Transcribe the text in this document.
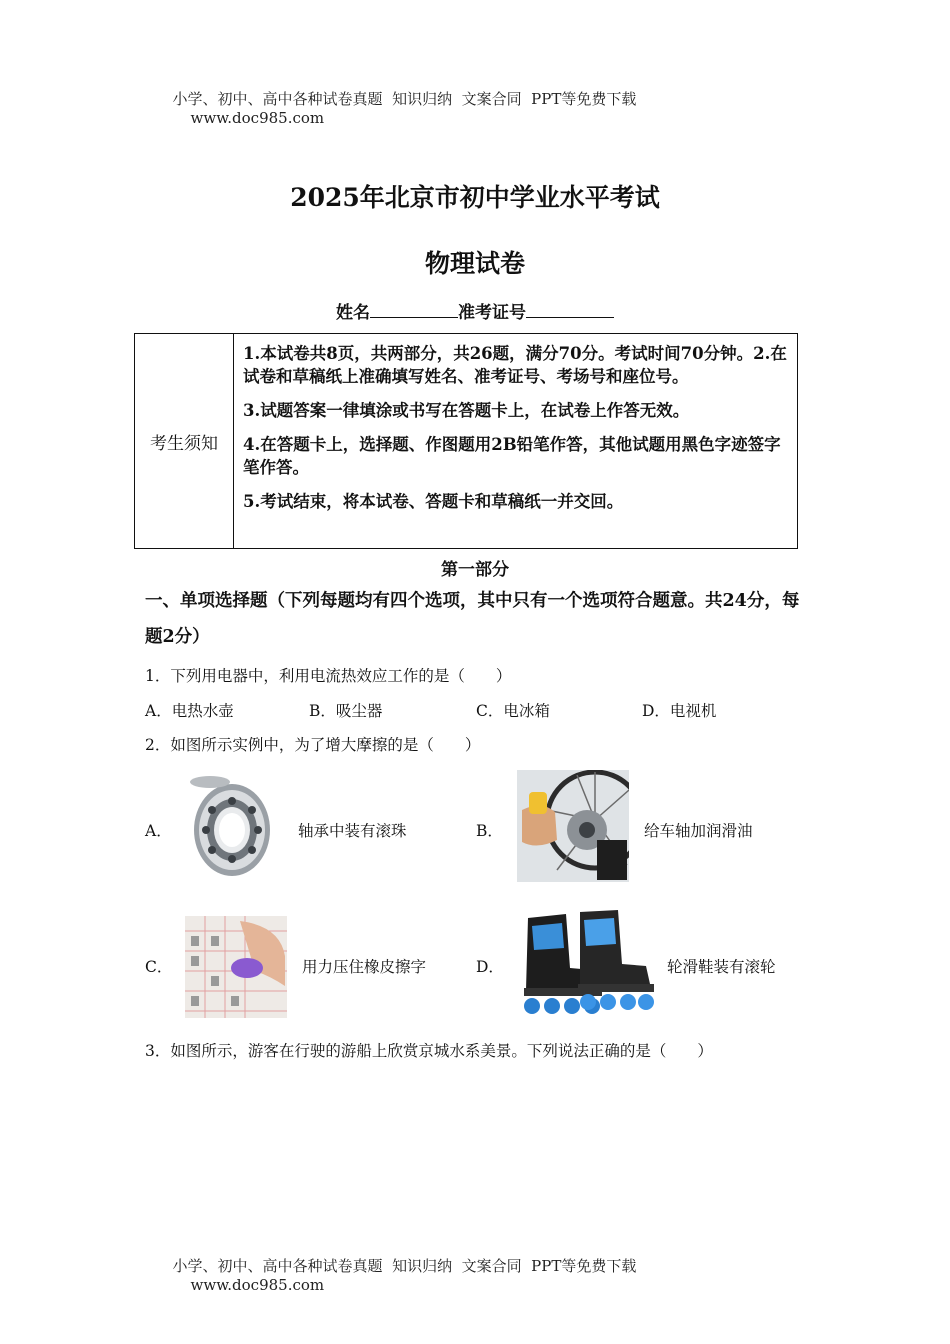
小学、初中、高中各种试卷真题  知识归纳  文案合同  PPT等免费下载
www.doc985.com

2025年北京市初中学业水平考试
物理试卷
姓名	准考证号
考生须知

1.本试卷共8页，共两部分，共26题，满分70分。考试时间70分钟。2.在试卷和草稿纸上准确填写姓名、准考证号、考场号和座位号。

3.试题答案一律填涂或书写在答题卡上，在试卷上作答无效。

4.在答题卡上，选择题、作图题用2B铅笔作答，其他试题用黑色字迹签字笔作答。

5.考试结束，将本试卷、答题卡和草稿纸一并交回。

第一部分
一、单项选择题（下列每题均有四个选项，其中只有一个选项符合题意。共24分，每题2分）
1．下列用电器中，利用电流热效应工作的是（　　）
A．电热水壶	B．吸尘器	C．电冰箱	D．电视机
2．如图所示实例中，为了增大摩擦的是（　　）
A．	轴承中装有滚珠	B．	给车轴加润滑油
C．	用力压住橡皮擦字	D．	轮滑鞋装有滚轮
3．如图所示，游客在行驶的游船上欣赏京城水系美景。下列说法正确的是（　　）

小学、初中、高中各种试卷真题  知识归纳  文案合同  PPT等免费下载
www.doc985.com
